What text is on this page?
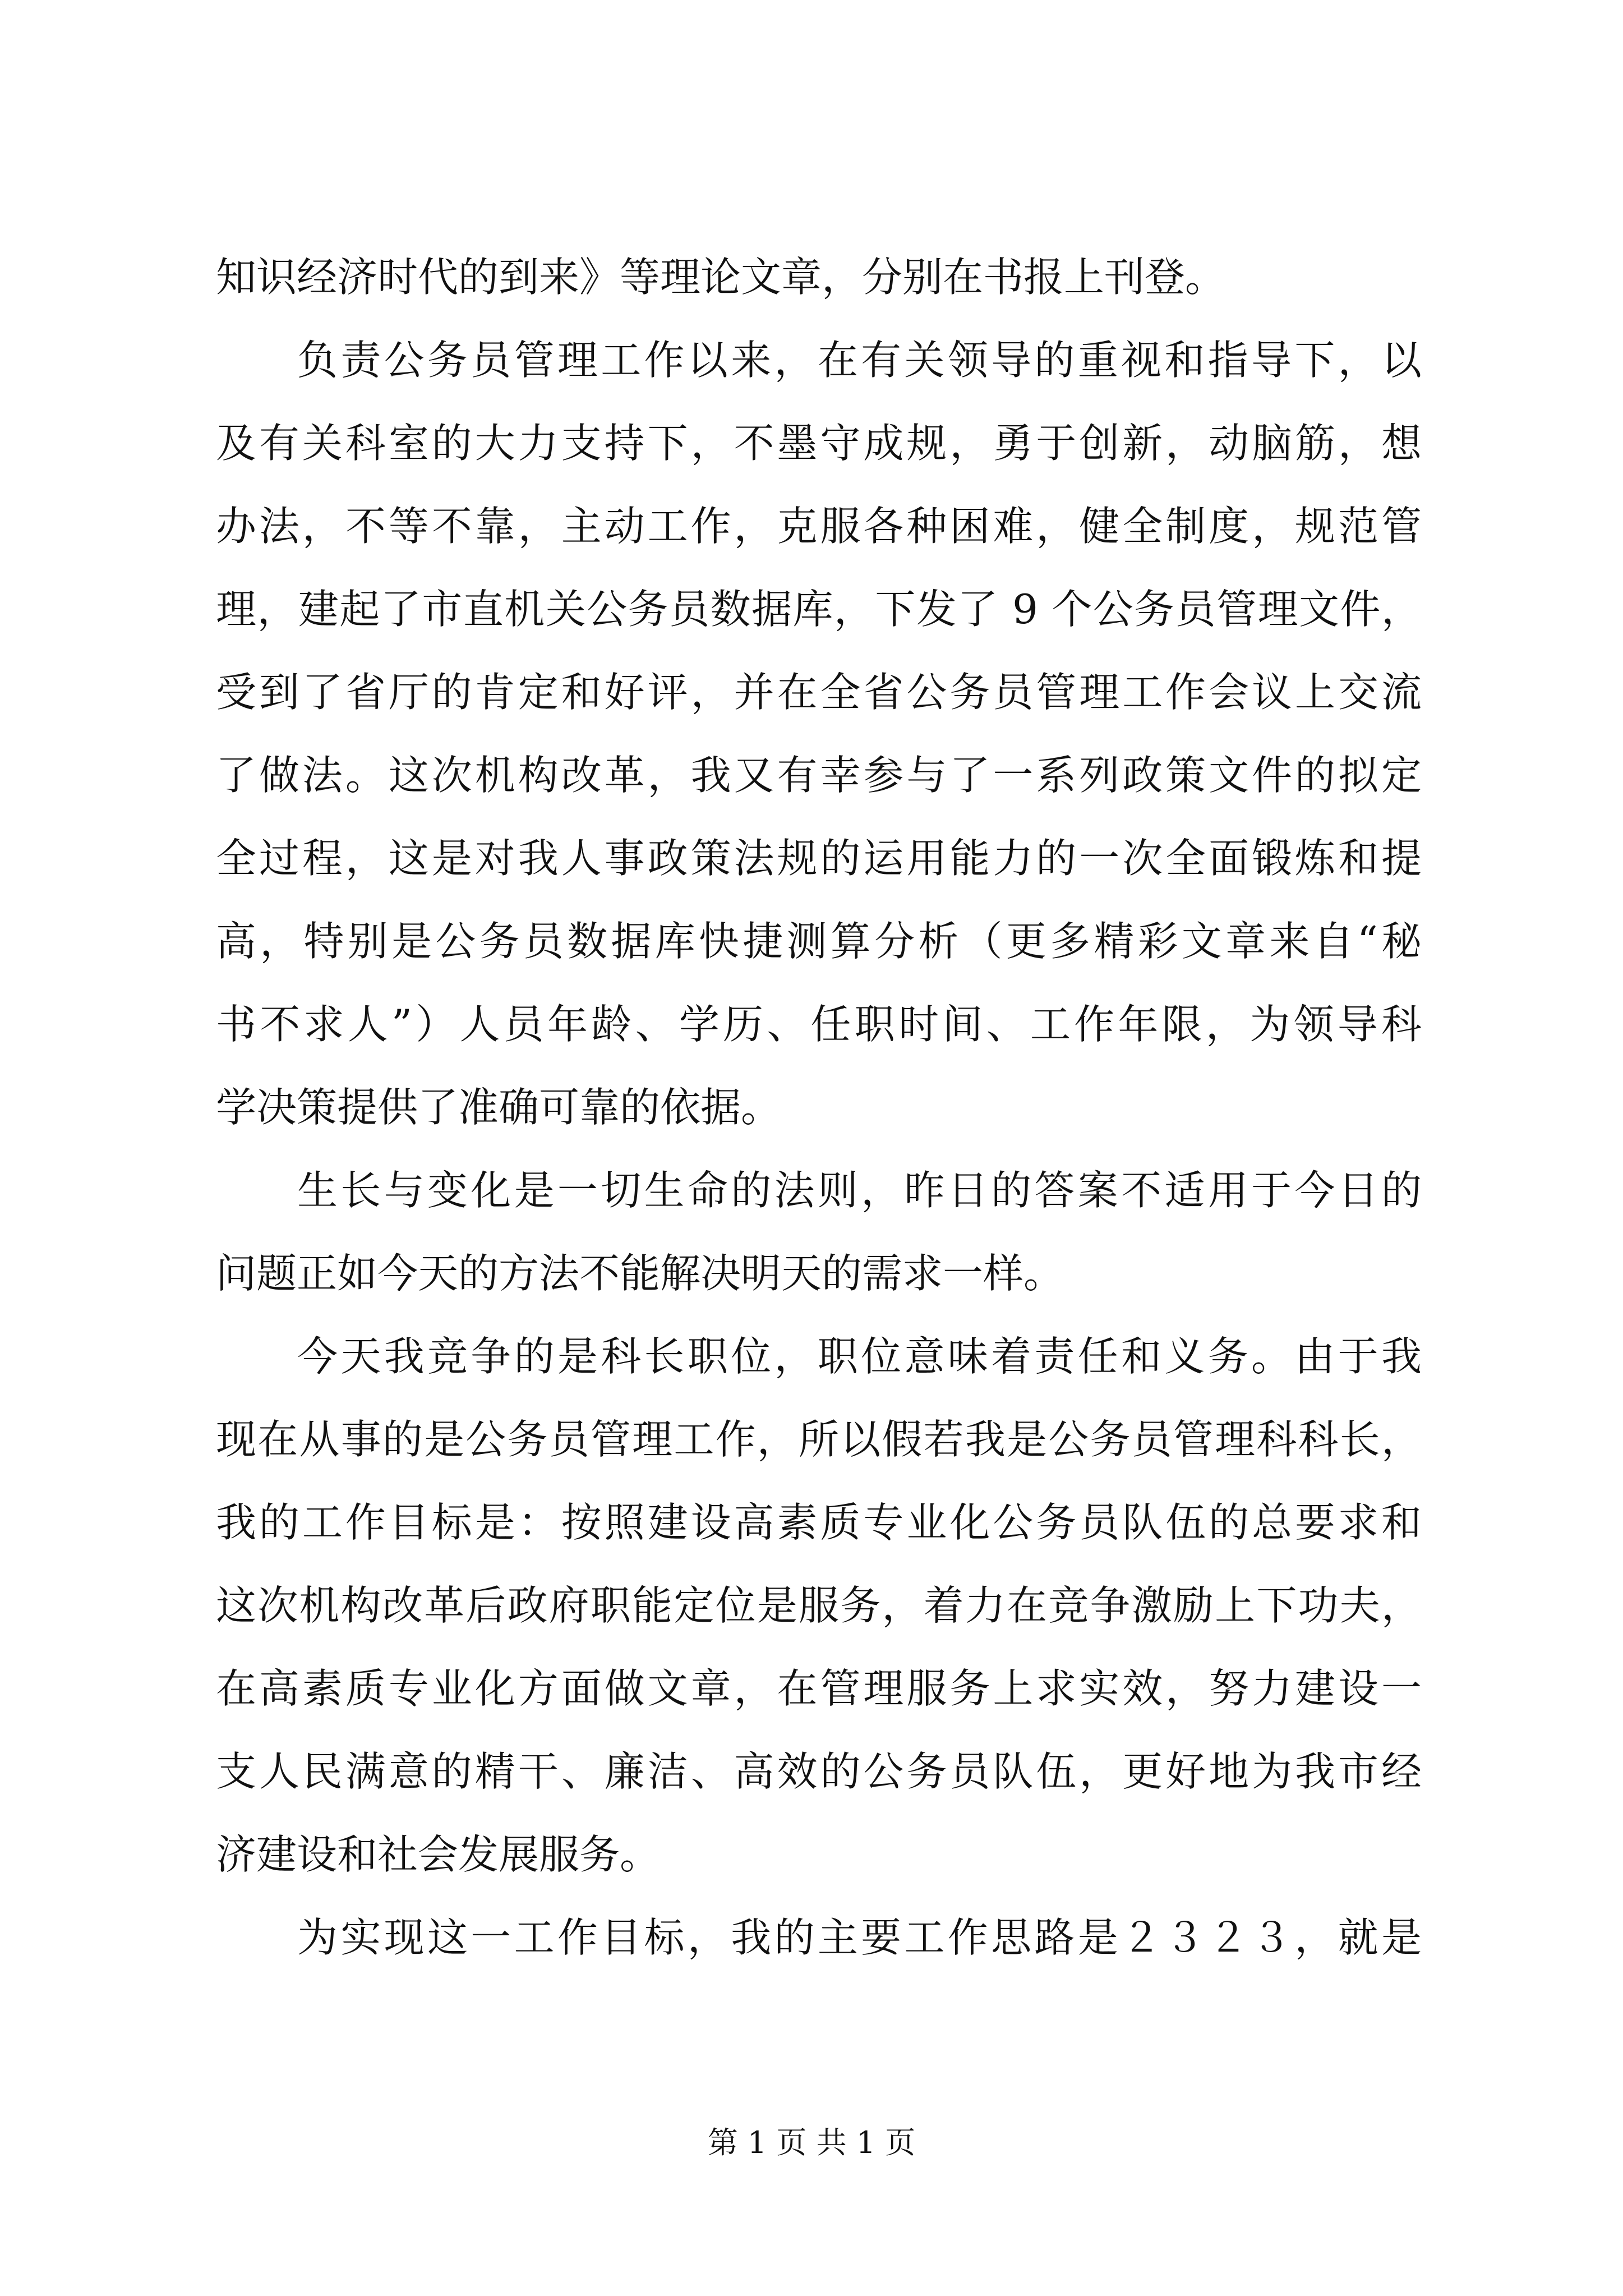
知识经济时代的到来》等理论文章，分别在书报上刊登。
负责公务员管理工作以来，在有关领导的重视和指导下，以
及有关科室的大力支持下，不墨守成规，勇于创新，动脑筋，想
办法，不等不靠，主动工作，克服各种困难，健全制度，规范管
理，建起了市直机关公务员数据库，下发了 9 个公务员管理文件，
受到了省厅的肯定和好评，并在全省公务员管理工作会议上交流
了做法。这次机构改革，我又有幸参与了一系列政策文件的拟定
全过程，这是对我人事政策法规的运用能力的一次全面锻炼和提
高，特别是公务员数据库快捷测算分析（更多精彩文章来自“秘
书不求人”）人员年龄、学历、任职时间、工作年限，为领导科
学决策提供了准确可靠的依据。
生长与变化是一切生命的法则，昨日的答案不适用于今日的
问题正如今天的方法不能解决明天的需求一样。
今天我竞争的是科长职位，职位意味着责任和义务。由于我
现在从事的是公务员管理工作，所以假若我是公务员管理科科长，
我的工作目标是：按照建设高素质专业化公务员队伍的总要求和
这次机构改革后政府职能定位是服务，着力在竞争激励上下功夫，
在高素质专业化方面做文章，在管理服务上求实效，努力建设一
支人民满意的精干、廉洁、高效的公务员队伍，更好地为我市经
济建设和社会发展服务。
为实现这一工作目标，我的主要工作思路是２３２３，就是
第 1 页 共 1 页
